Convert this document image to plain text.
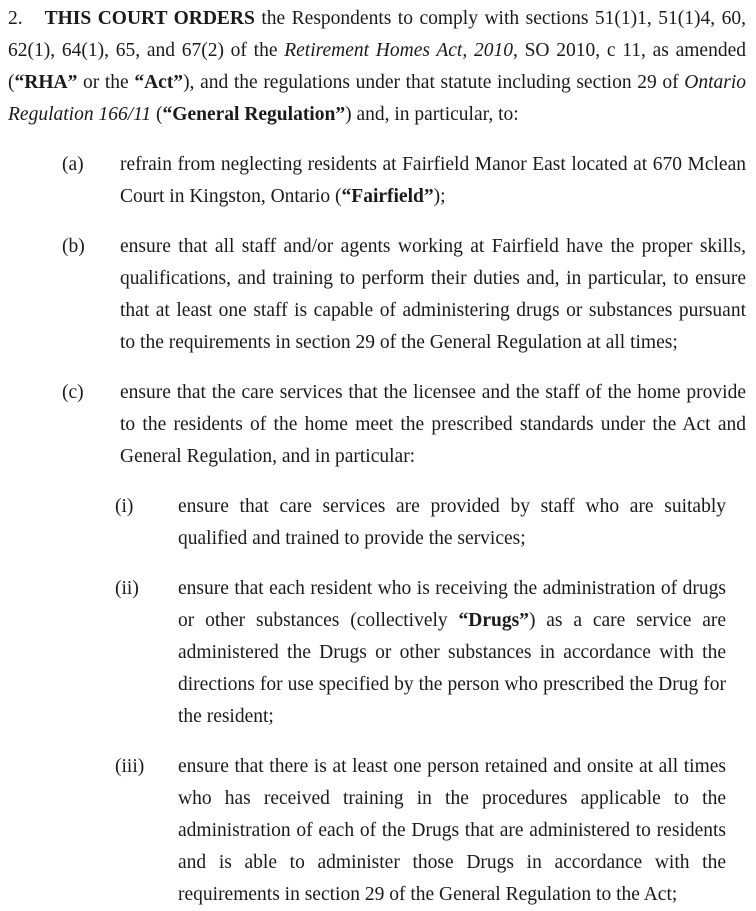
2. THIS COURT ORDERS the Respondents to comply with sections 51(1)1, 51(1)4, 60, 62(1), 64(1), 65, and 67(2) of the Retirement Homes Act, 2010, SO 2010, c 11, as amended (“RHA” or the “Act”), and the regulations under that statute including section 29 of Ontario Regulation 166/11 (“General Regulation”) and, in particular, to:

(a)	refrain from neglecting residents at Fairfield Manor East located at 670 Mclean Court in Kingston, Ontario (“Fairfield”);
(b)	ensure that all staff and/or agents working at Fairfield have the proper skills, qualifications, and training to perform their duties and, in particular, to ensure that at least one staff is capable of administering drugs or substances pursuant to the requirements in section 29 of the General Regulation at all times;
(c)	ensure that the care services that the licensee and the staff of the home provide to the residents of the home meet the prescribed standards under the Act and General Regulation, and in particular:
(i)	ensure that care services are provided by staff who are suitably qualified and trained to provide the services;
(ii)	ensure that each resident who is receiving the administration of drugs or other substances (collectively “Drugs”) as a care service are administered the Drugs or other substances in accordance with the directions for use specified by the person who prescribed the Drug for the resident;
(iii)	ensure that there is at least one person retained and onsite at all times who has received training in the procedures applicable to the administration of each of the Drugs that are administered to residents and is able to administer those Drugs in accordance with the requirements in section 29 of the General Regulation to the Act;
